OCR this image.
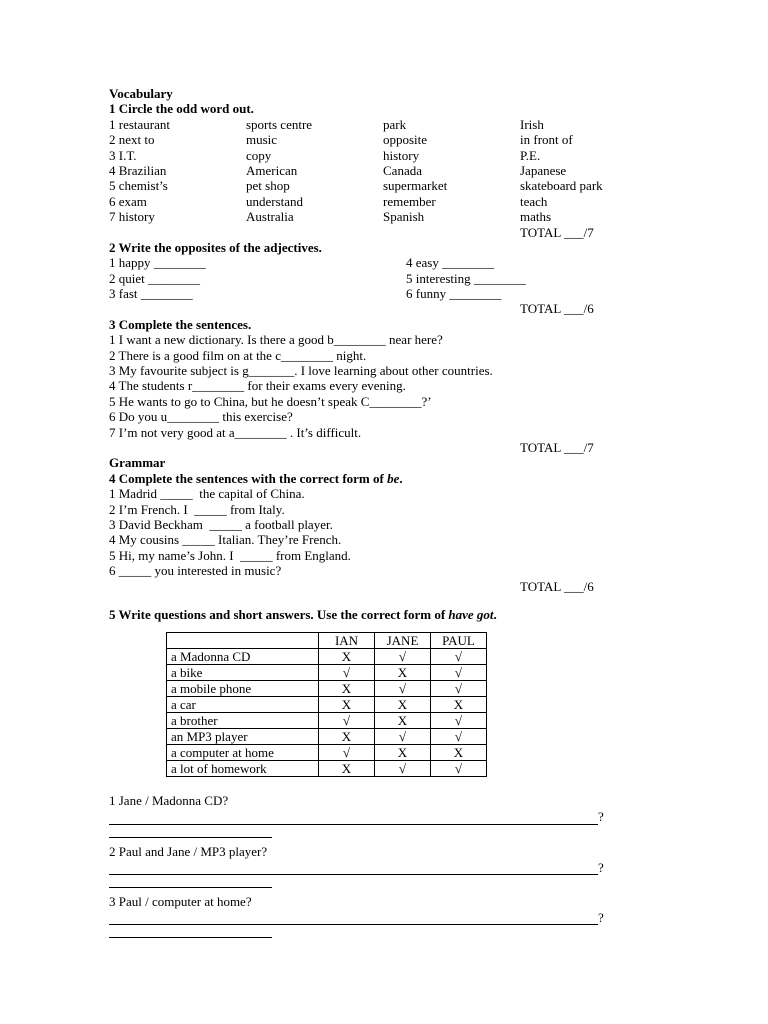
Vocabulary
1 Circle the odd word out.
1 restaurant	sports centre	park	Irish
2 next to	music	opposite	in front of
3 I.T.	copy	history	P.E.
4 Brazilian	American	Canada	Japanese
5 chemist’s	pet shop	supermarket	skateboard park
6 exam	understand	remember	teach
7 history	Australia	Spanish	maths
TOTAL ___/7
2 Write the opposites of the adjectives.
1 happy ________	4 easy ________
2 quiet ________	5 interesting ________
3 fast ________	6 funny ________
TOTAL ___/6
3 Complete the sentences.
1 I want a new dictionary. Is there a good b________ near here?
2 There is a good film on at the c________ night.
3 My favourite subject is g_______. I love learning about other countries.
4 The students r________ for their exams every evening.
5 He wants to go to China, but he doesn’t speak C________?’
6 Do you u________ this exercise?
7 I’m not very good at a________ . It’s difficult.
TOTAL ___/7
Grammar
4 Complete the sentences with the correct form of be.
1 Madrid _____  the capital of China.
2 I’m French. I  _____ from Italy.
3 David Beckham  _____ a football player.
4 My cousins _____ Italian. They’re French.
5 Hi, my name’s John. I  _____ from England.
6 _____ you interested in music?
TOTAL ___/6
5 Write questions and short answers. Use the correct form of have got.
	IAN	JANE	PAUL
a Madonna CD	X	√	√
a bike	√	X	√
a mobile phone	X	√	√
a car	X	X	X
a brother	√	X	√
an MP3 player	X	√	√
a computer at home	√	X	X
a lot of homework	X	√	√
1 Jane / Madonna CD?
?
2 Paul and Jane / MP3 player?
?
3 Paul / computer at home?
?
